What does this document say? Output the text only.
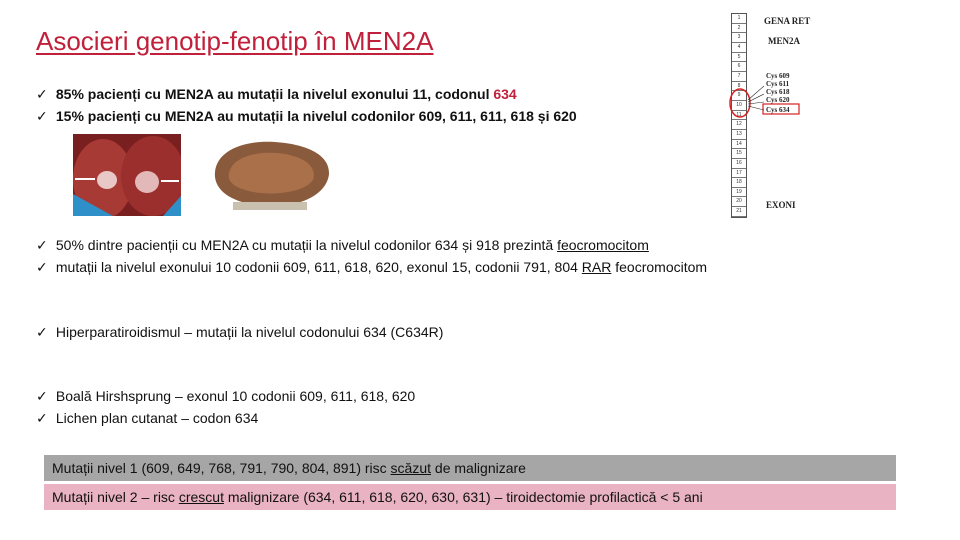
Asocieri genotip-fenotip în MEN2A
✓ 85% pacienți cu MEN2A au mutații la nivelul exonului 11, codonul 634
✓ 15% pacienți cu MEN2A au mutații la nivelul codonilor 609, 611, 611, 618 și 620
1
2
3
4
5
6
7
8
9
10
11
12
13
14
15
16
17
18
19
20
21
GENA RET
MEN2A
Cys 609
Cys 611
Cys 618
Cys 620
Cys 634
EXONI
✓ 50% dintre pacienții cu MEN2A cu mutații la nivelul codonilor 634 și 918 prezintă feocromocitom
✓ mutații la nivelul exonului 10 codonii 609, 611, 618, 620, exonul 15, codonii 791, 804 RAR feocromocitom
✓ Hiperparatiroidismul – mutații la nivelul codonului 634 (C634R)
✓ Boală Hirshsprung – exonul 10 codonii 609, 611, 618, 620
✓ Lichen plan cutanat – codon 634
Mutații nivel 1 (609, 649, 768, 791, 790, 804, 891) risc scăzut de malignizare
Mutații nivel 2 – risc crescut malignizare (634, 611, 618, 620, 630, 631) – tiroidectomie profilactică < 5 ani
